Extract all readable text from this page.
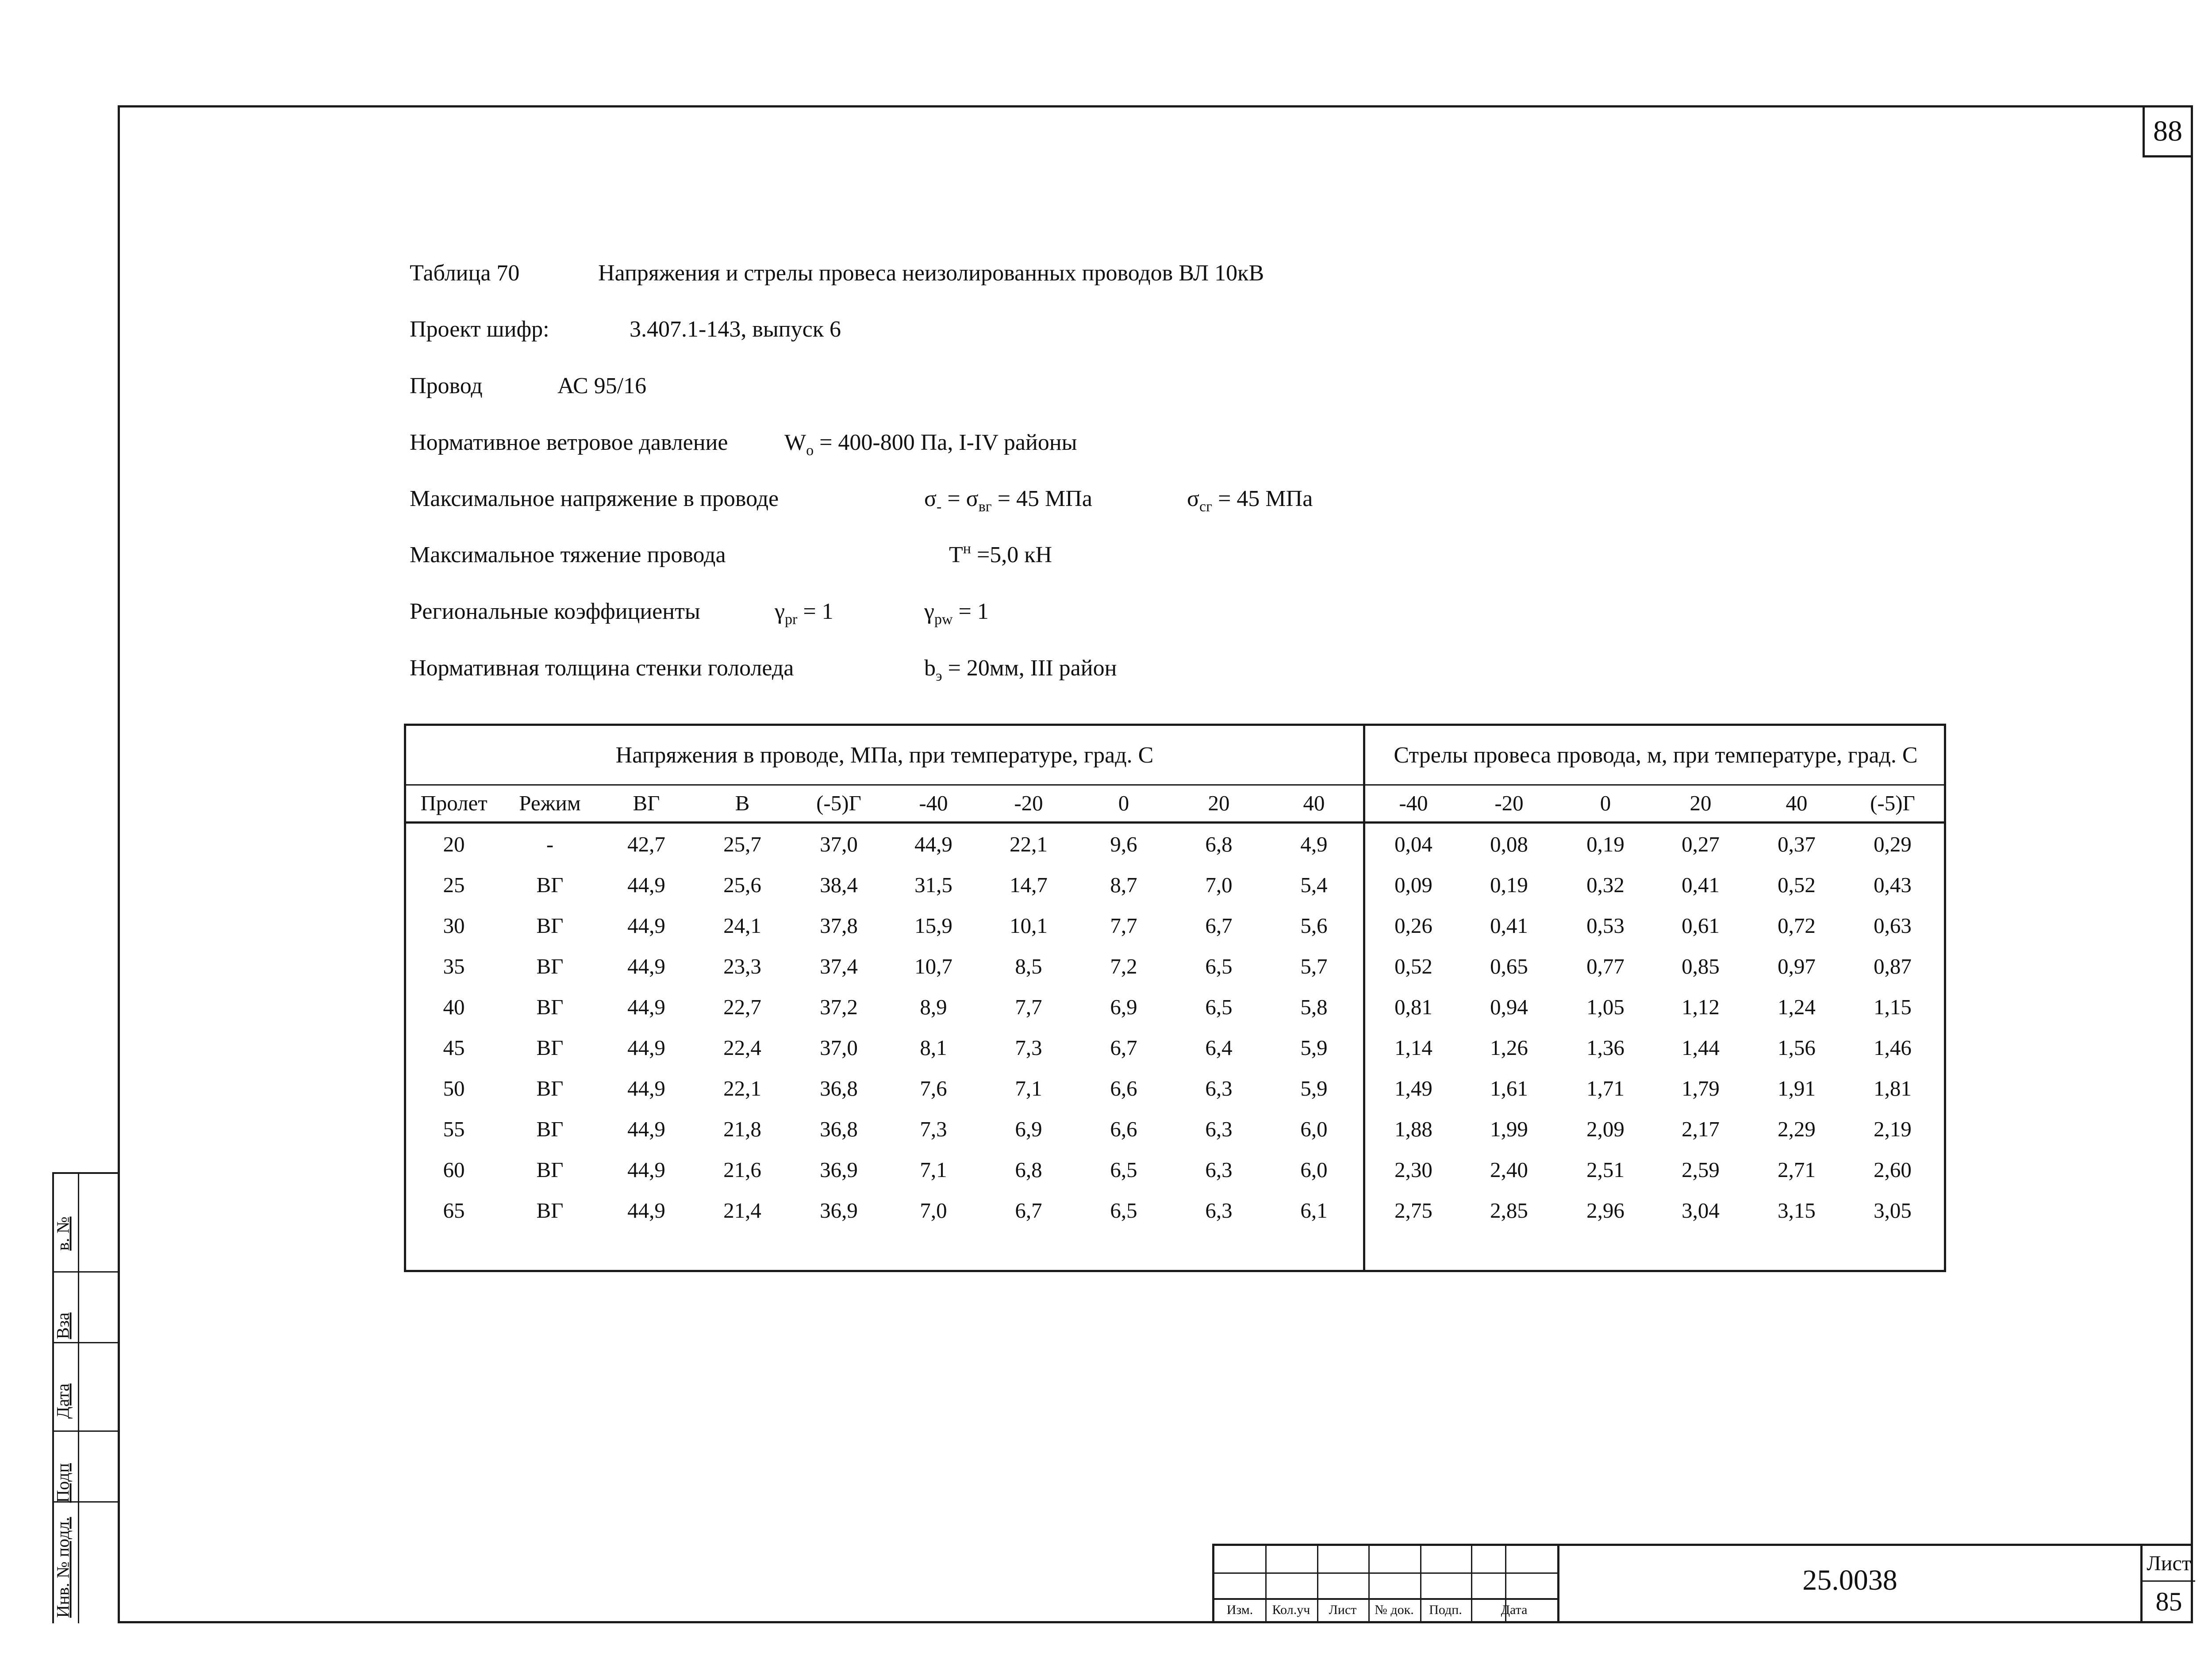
88
Таблица 70	Напряжения и стрелы провеса неизолированных проводов ВЛ 10кВ
Проект шифр:	3.407.1-143, выпуск 6
Провод	АС 95/16
Нормативное ветровое давление $W_о = 400-800$ Па, I-IV районы
Максимальное напряжение в проводе	$\sigma_- = \sigma_{вг} = 45$ МПа	$\sigma_{сг} = 45$ МПа
Максимальное тяжение провода	$Т^н =5,0$ кН
Региональные коэффициенты	$\gamma_{pr} = 1$	$\gamma_{pw} = 1$
Нормативная толщина стенки гололеда	$b_э = 20мм$, III район
Напряжения в проводе, МПа, при температуре, град. С	Стрелы провеса провода, м, при температуре, град. С
Пролет	Режим	ВГ	В	(-5)Г	-40	-20	0	20	40	-40	-20	0	20	40	(-5)Г
20	-	42,7	25,7	37,0	44,9	22,1	9,6	6,8	4,9	0,04	0,08	0,19	0,27	0,37	0,29
25	ВГ	44,9	25,6	38,4	31,5	14,7	8,7	7,0	5,4	0,09	0,19	0,32	0,41	0,52	0,43
30	ВГ	44,9	24,1	37,8	15,9	10,1	7,7	6,7	5,6	0,26	0,41	0,53	0,61	0,72	0,63
35	ВГ	44,9	23,3	37,4	10,7	8,5	7,2	6,5	5,7	0,52	0,65	0,77	0,85	0,97	0,87
40	ВГ	44,9	22,7	37,2	8,9	7,7	6,9	6,5	5,8	0,81	0,94	1,05	1,12	1,24	1,15
45	ВГ	44,9	22,4	37,0	8,1	7,3	6,7	6,4	5,9	1,14	1,26	1,36	1,44	1,56	1,46
50	ВГ	44,9	22,1	36,8	7,6	7,1	6,6	6,3	5,9	1,49	1,61	1,71	1,79	1,91	1,81
55	ВГ	44,9	21,8	36,8	7,3	6,9	6,6	6,3	6,0	1,88	1,99	2,09	2,17	2,29	2,19
60	ВГ	44,9	21,6	36,9	7,1	6,8	6,5	6,3	6,0	2,30	2,40	2,51	2,59	2,71	2,60
65	ВГ	44,9	21,4	36,9	7,0	6,7	6,5	6,3	6,1	2,75	2,85	2,96	3,04	3,15	3,05
Изм.	Кол.уч	Лист	№ док.	Подп.	Дата
25.0038
Лист
85
Инв. № подл.
Подп
Дата
Вза
в. №
